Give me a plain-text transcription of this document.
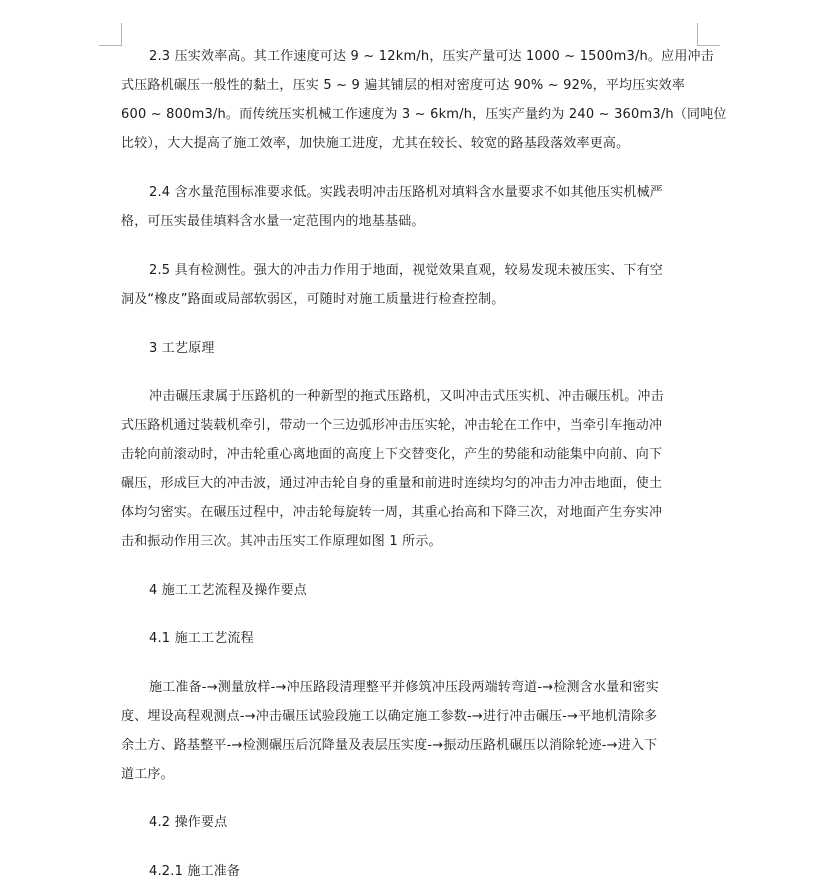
2.3 压实效率高。其工作速度可达 9 ~ 12km/h，压实产量可达 1000 ~ 1500m3/h。应用冲击
式压路机碾压一般性的黏土，压实 5 ~ 9 遍其铺层的相对密度可达 90% ~ 92%，平均压实效率
600 ~ 800m3/h。而传统压实机械工作速度为 3 ~ 6km/h，压实产量约为 240 ~ 360m3/h（同吨位
比较），大大提高了施工效率，加快施工进度，尤其在较长、较宽的路基段落效率更高。
2.4 含水量范围标准要求低。实践表明冲击压路机对填料含水量要求不如其他压实机械严
格，可压实最佳填料含水量一定范围内的地基基础。
2.5 具有检测性。强大的冲击力作用于地面，视觉效果直观，较易发现未被压实、下有空
洞及“橡皮”路面或局部软弱区，可随时对施工质量进行检查控制。
3 工艺原理
冲击碾压隶属于压路机的一种新型的拖式压路机，又叫冲击式压实机、冲击碾压机。冲击
式压路机通过装载机牵引，带动一个三边弧形冲击压实轮，冲击轮在工作中，当牵引车拖动冲
击轮向前滚动时，冲击轮重心离地面的高度上下交替变化，产生的势能和动能集中向前、向下
碾压，形成巨大的冲击波，通过冲击轮自身的重量和前进时连续均匀的冲击力冲击地面，使土
体均匀密实。在碾压过程中，冲击轮每旋转一周，其重心抬高和下降三次，对地面产生夯实冲
击和振动作用三次。其冲击压实工作原理如图 1 所示。
4 施工工艺流程及操作要点
4.1 施工工艺流程
施工准备-→测量放样-→冲压路段清理整平并修筑冲压段两端转弯道-→检测含水量和密实
度、埋设高程观测点-→冲击碾压试验段施工以确定施工参数-→进行冲击碾压-→平地机清除多
余土方、路基整平-→检测碾压后沉降量及表层压实度-→振动压路机碾压以消除轮迹-→进入下
道工序。
4.2 操作要点
4.2.1 施工准备
